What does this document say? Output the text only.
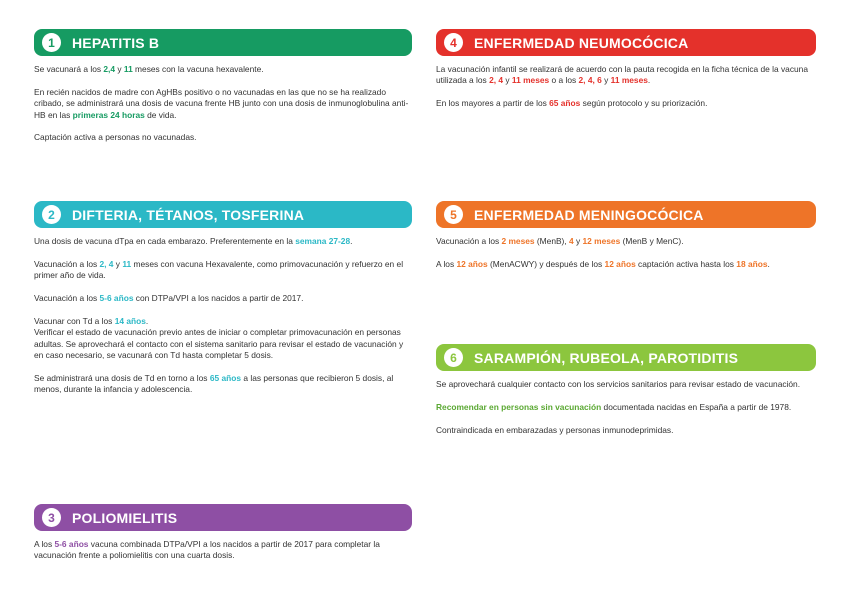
1	HEPATITIS B

Se vacunará a los 2,4 y 11 meses con la vacuna hexavalente.

En recién nacidos de madre con AgHBs positivo o no vacunadas en las que no se ha realizado cribado, se administrará una dosis de vacuna frente HB junto con una dosis de inmunoglobulina anti-HB en las primeras 24 horas de vida.

Captación activa a personas no vacunadas.

2	DIFTERIA, TÉTANOS, TOSFERINA

Una dosis de vacuna dTpa en cada embarazo. Preferentemente en la semana 27-28.

Vacunación a los 2, 4 y 11 meses con vacuna Hexavalente, como primovacunación y refuerzo en el primer año de vida.

Vacunación a los 5-6 años con DTPa/VPI a los nacidos a partir de 2017.

Vacunar con Td a los 14 años.
Verificar el estado de vacunación previo antes de iniciar o completar primovacunación en personas adultas. Se aprovechará el contacto con el sistema sanitario para revisar el estado de vacunación y en caso necesario, se vacunará con Td hasta completar 5 dosis.

Se administrará una dosis de Td en torno a los 65 años a las personas que recibieron 5 dosis, al menos, durante la infancia y adolescencia.

3	POLIOMIELITIS

A los 5-6 años vacuna combinada DTPa/VPI a los nacidos a partir de 2017 para completar la vacunación frente a poliomielitis con una cuarta dosis.

4	ENFERMEDAD NEUMOCÓCICA

La vacunación infantil se realizará de acuerdo con la pauta recogida en la ficha técnica de la vacuna utilizada a los 2, 4 y 11 meses o a los 2, 4, 6 y 11 meses.

En los mayores a partir de los 65 años según protocolo y su priorización.

5	ENFERMEDAD MENINGOCÓCICA

Vacunación a los 2 meses (MenB), 4 y 12 meses (MenB y MenC).

A los 12 años (MenACWY) y después de los 12 años captación activa hasta los 18 años.

6	SARAMPIÓN, RUBEOLA, PAROTIDITIS

Se aprovechará cualquier contacto con los servicios sanitarios para revisar estado de vacunación.

Recomendar en personas sin vacunación documentada nacidas en España a partir de 1978.

Contraindicada en embarazadas y personas inmunodeprimidas.
